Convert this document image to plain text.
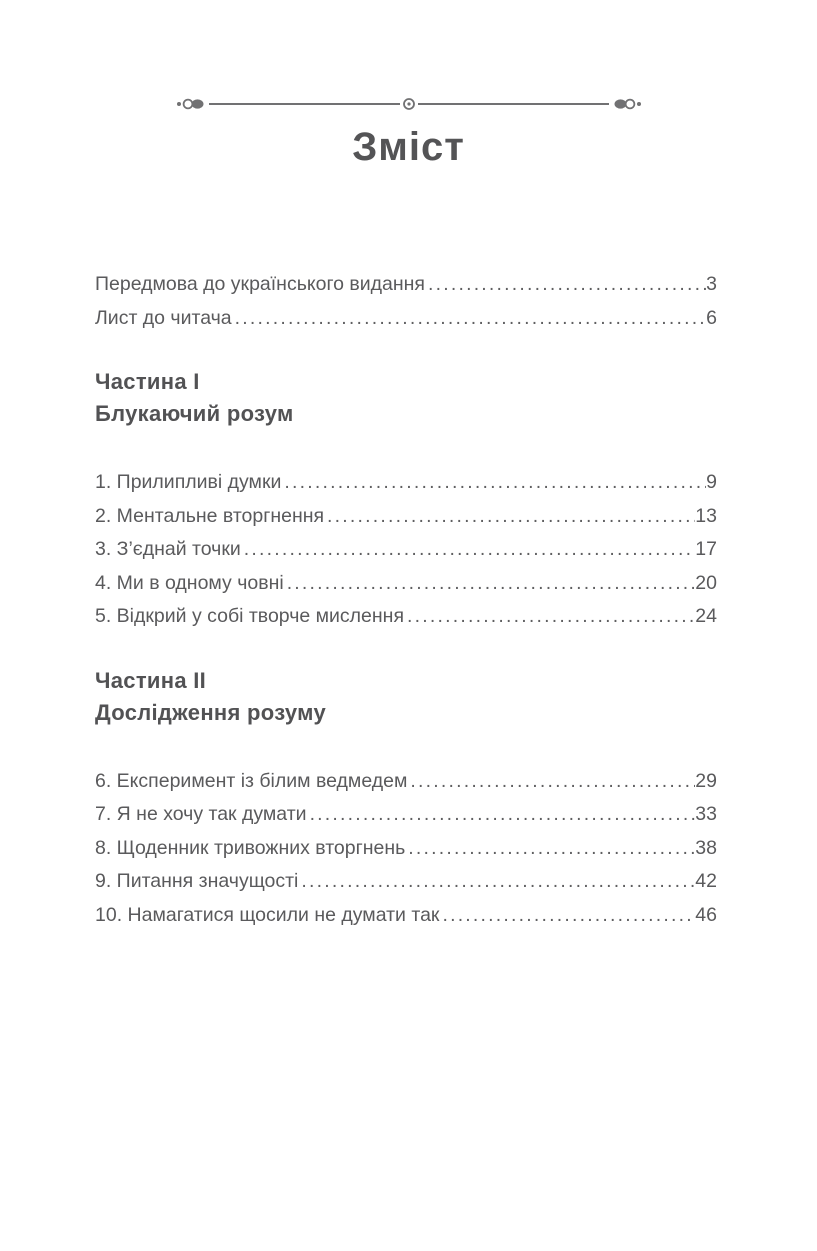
Зміст
Передмова до українського видання .....	3
Лист до читача .....	6
Частина I
Блукаючий розум
1. Прилипливі думки .....	9
2. Ментальне вторгнення .....	13
3. З’єднай точки .....	17
4. Ми в одному човні .....	20
5. Відкрий у собі творче мислення .....	24
Частина II
Дослідження розуму
6. Експеримент із білим ведмедем .....	29
7. Я не хочу так думати .....	33
8. Щоденник тривожних вторгнень .....	38
9. Питання значущості .....	42
10. Намагатися щосили не думати так .....	46
